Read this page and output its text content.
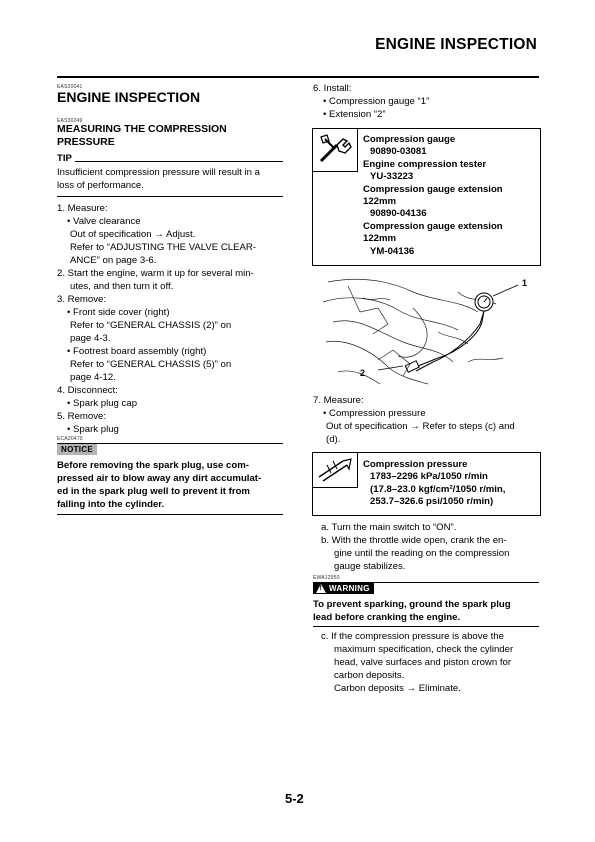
ENGINE INSPECTION
EAS20041
ENGINE INSPECTION
EAS30249
MEASURING THE COMPRESSION
PRESSURE
TIP
Insufficient compression pressure will result in a
loss of performance.
1. Measure:
• Valve clearance
Out of specification → Adjust.
Refer to “ADJUSTING THE VALVE CLEAR-
ANCE” on page 3-6.
2. Start the engine, warm it up for several min-
utes, and then turn it off.
3. Remove:
• Front side cover (right)
Refer to “GENERAL CHASSIS (2)” on
page 4-3.
• Footrest board assembly (right)
Refer to “GENERAL CHASSIS (5)” on
page 4-12.
4. Disconnect:
• Spark plug cap
5. Remove:
• Spark plug
ECA20470
NOTICE
Before removing the spark plug, use com-
pressed air to blow away any dirt accumulat-
ed in the spark plug well to prevent it from
falling into the cylinder.
6. Install:
• Compression gauge “1”
• Extension “2”
Compression gauge
90890-03081
Engine compression tester
YU-33223
Compression gauge extension
122mm
90890-04136
Compression gauge extension
122mm
YM-04136
1
2
7. Measure:
• Compression pressure
Out of specification → Refer to steps (c) and
(d).
Compression pressure
1783–2296 kPa/1050 r/min
(17.8–23.0 kgf/cm²/1050 r/min,
253.7–326.6 psi/1050 r/min)
a. Turn the main switch to “ON”.
b. With the throttle wide open, crank the en-
gine until the reading on the compression
gauge stabilizes.
EWA12950
! WARNING
To prevent sparking, ground the spark plug
lead before cranking the engine.
c. If the compression pressure is above the
maximum specification, check the cylinder
head, valve surfaces and piston crown for
carbon deposits.
Carbon deposits → Eliminate.
5-2
